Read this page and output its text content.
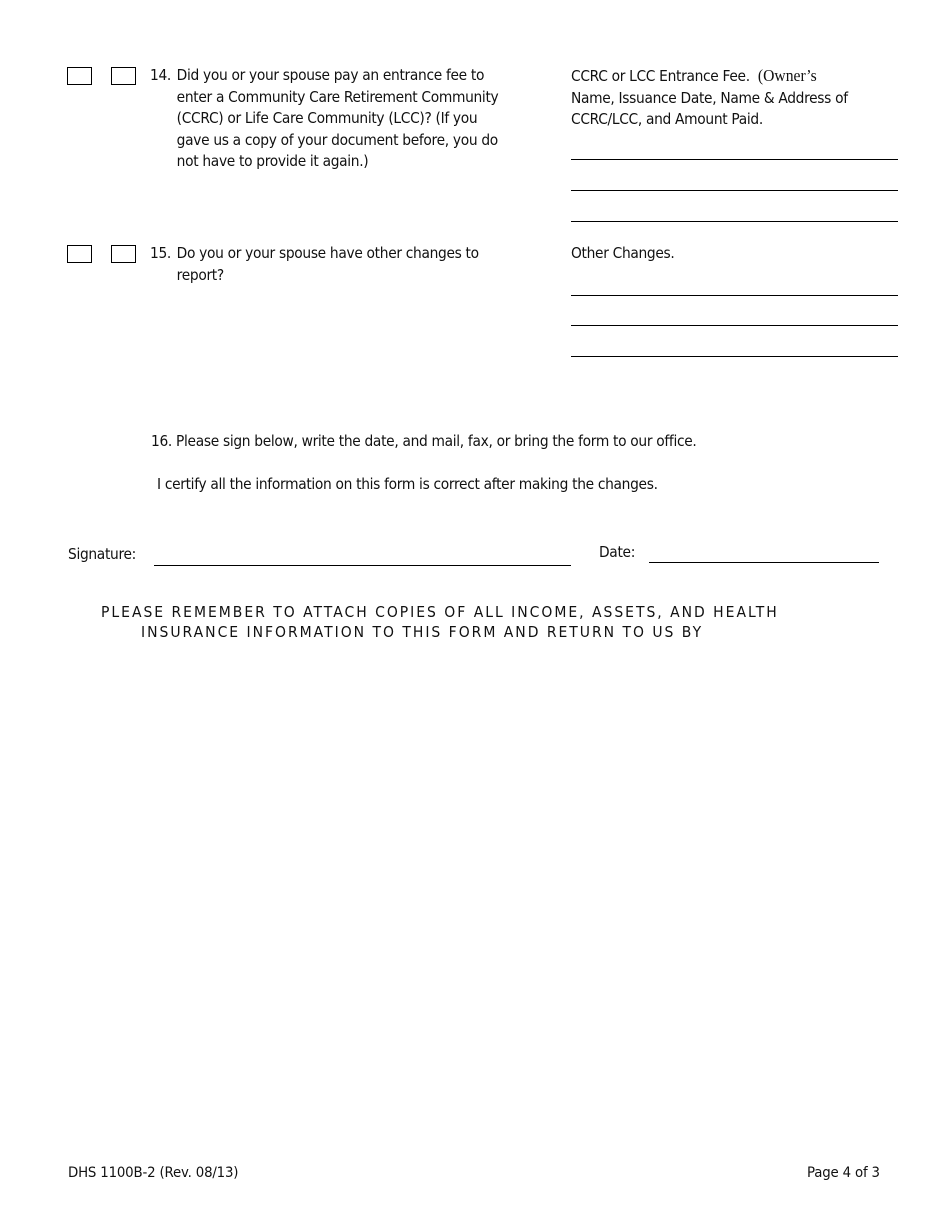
14. Did you or your spouse pay an entrance fee to
enter a Community Care Retirement Community
(CCRC) or Life Care Community (LCC)? (If you
gave us a copy of your document before, you do
not have to provide it again.)
CCRC or LCC Entrance Fee.  (Owner’s
Name, Issuance Date, Name & Address of
CCRC/LCC, and Amount Paid.
15. Do you or your spouse have other changes to
report?
Other Changes.
16. Please sign below, write the date, and mail, fax, or bring the form to our office.
I certify all the information on this form is correct after making the changes.
Signature:	Date:
PLEASE REMEMBER TO ATTACH COPIES OF ALL INCOME, ASSETS, AND HEALTH
INSURANCE INFORMATION TO THIS FORM AND RETURN TO US BY
DHS 1100B-2 (Rev. 08/13)	Page 4 of 3
